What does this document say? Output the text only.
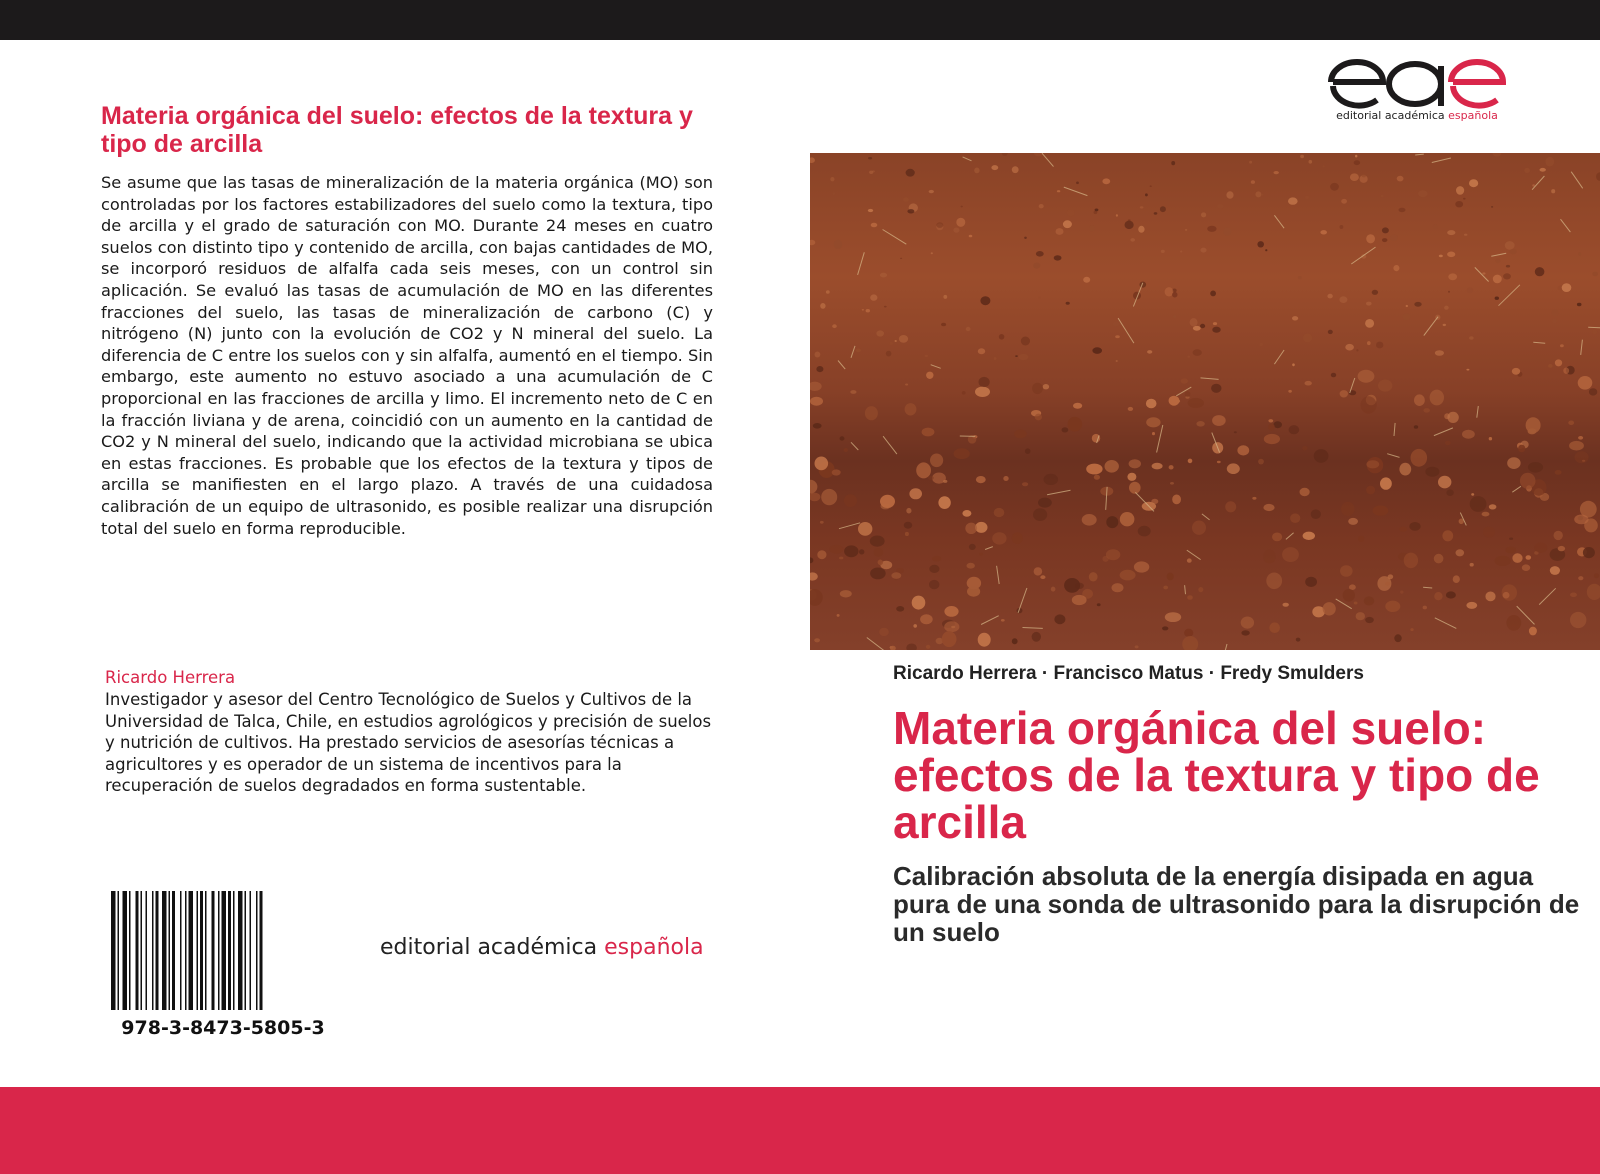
Materia orgánica del suelo: efectos de la textura y tipo de arcilla

Se asume que las tasas de mineralización de la materia orgánica (MO) son controladas por los factores estabilizadores del suelo como la textura, tipo de arcilla y el grado de saturación con MO. Durante 24 meses en cuatro suelos con distinto tipo y contenido de arcilla, con bajas cantidades de MO, se incorporó residuos de alfalfa cada seis meses, con un control sin aplicación. Se evaluó las tasas de acumulación de MO en las diferentes fracciones del suelo, las tasas de mineralización de carbono (C) y nitrógeno (N) junto con la evolución de CO2 y N mineral del suelo. La diferencia de C entre los suelos con y sin alfalfa, aumentó en el tiempo. Sin embargo, este aumento no estuvo asociado a una acumulación de C proporcional en las fracciones de arcilla y limo. El incremento neto de C en la fracción liviana y de arena, coincidió con un aumento en la cantidad de CO2 y N mineral del suelo, indicando que la actividad microbiana se ubica en estas fracciones. Es probable que los efectos de la textura y tipos de arcilla se manifiesten en el largo plazo. A través de una cuidadosa calibración de un equipo de ultrasonido, es posible realizar una disrupción total del suelo en forma reproducible.

Ricardo Herrera

Investigador y asesor del Centro Tecnológico de Suelos y Cultivos de la Universidad de Talca, Chile, en estudios agrológicos y precisión de suelos y nutrición de cultivos. Ha prestado servicios de asesorías técnicas a agricultores y es operador de un sistema de incentivos para la recuperación de suelos degradados en forma sustentable.

978-3-8473-5805-3
editorial académica española
editorial académica española
Ricardo Herrera · Francisco Matus · Fredy Smulders
Materia orgánica del suelo: efectos de la textura y tipo de arcilla
Calibración absoluta de la energía disipada en agua pura de una sonda de ultrasonido para la disrupción de un suelo
